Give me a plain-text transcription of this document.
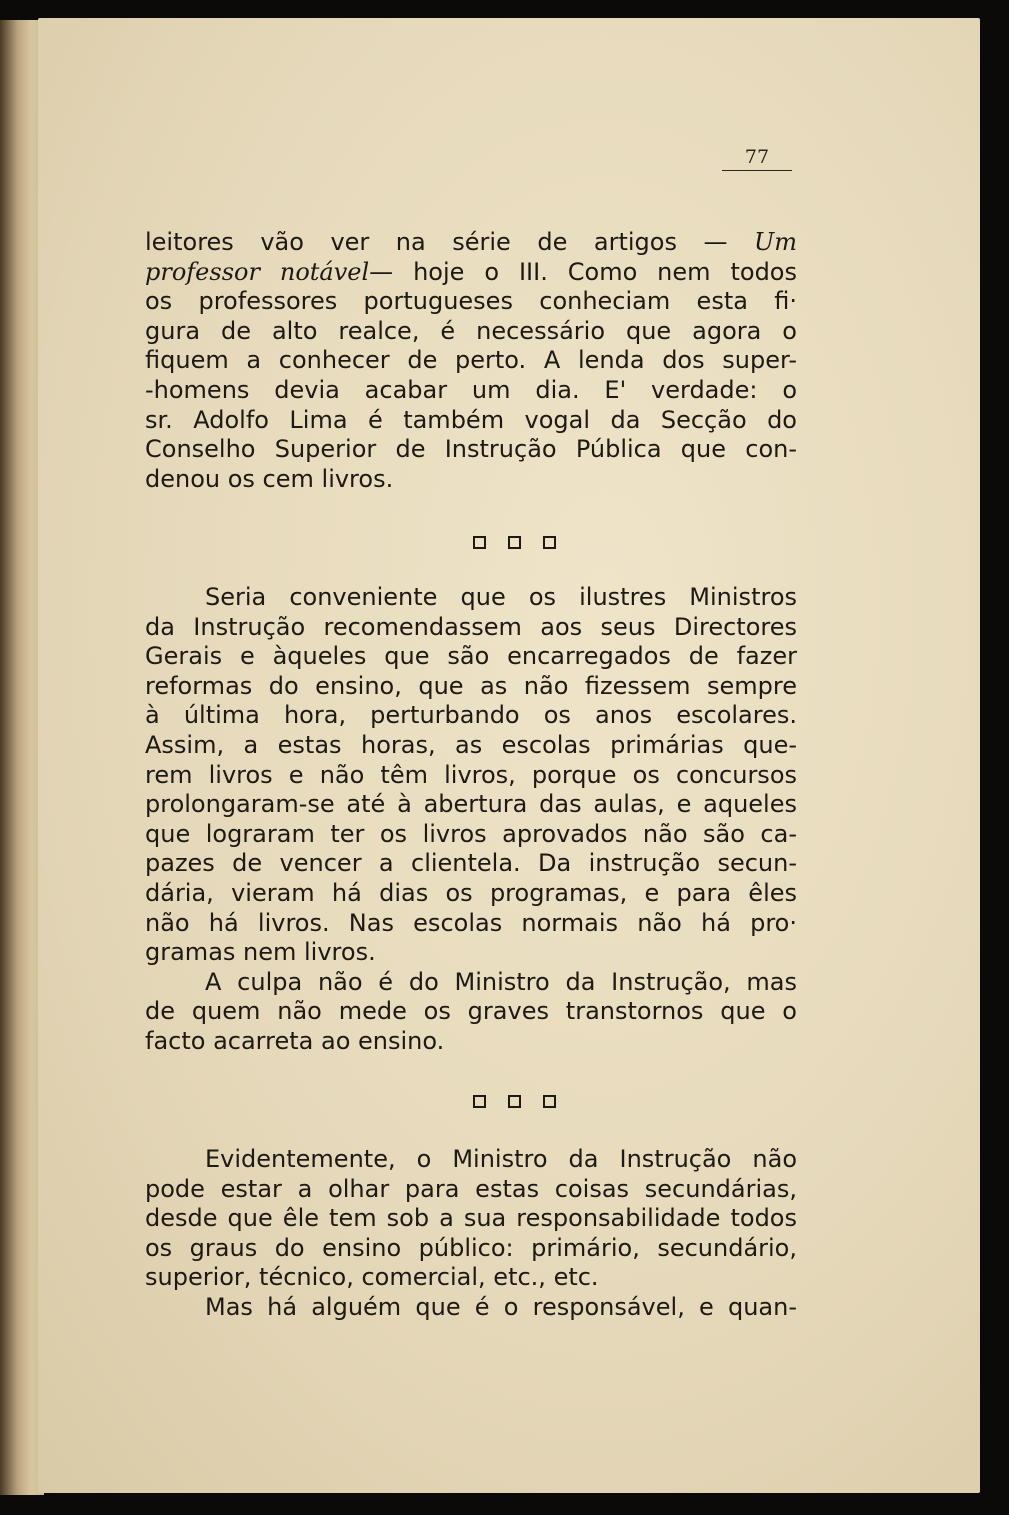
77
leitores vão ver na série de artigos — Um
professor notável— hoje o III. Como nem todos
os professores portugueses conheciam esta fi·
gura de alto realce, é necessário que agora o
fiquem a conhecer de perto. A lenda dos super-
-homens devia acabar um dia. E' verdade: o
sr. Adolfo Lima é também vogal da Secção do
Conselho Superior de Instrução Pública que con-
denou os cem livros.
Seria conveniente que os ilustres Ministros
da Instrução recomendassem aos seus Directores
Gerais e àqueles que são encarregados de fazer
reformas do ensino, que as não fizessem sempre
à última hora, perturbando os anos escolares.
Assim, a estas horas, as escolas primárias que-
rem livros e não têm livros, porque os concursos
prolongaram-se até à abertura das aulas, e aqueles
que lograram ter os livros aprovados não são ca-
pazes de vencer a clientela. Da instrução secun-
dária, vieram há dias os programas, e para êles
não há livros. Nas escolas normais não há pro·
gramas nem livros.
A culpa não é do Ministro da Instrução, mas
de quem não mede os graves transtornos que o
facto acarreta ao ensino.
Evidentemente, o Ministro da Instrução não
pode estar a olhar para estas coisas secundárias,
desde que êle tem sob a sua responsabilidade todos
os graus do ensino público: primário, secundário,
superior, técnico, comercial, etc., etc.
Mas há alguém que é o responsável, e quan-
